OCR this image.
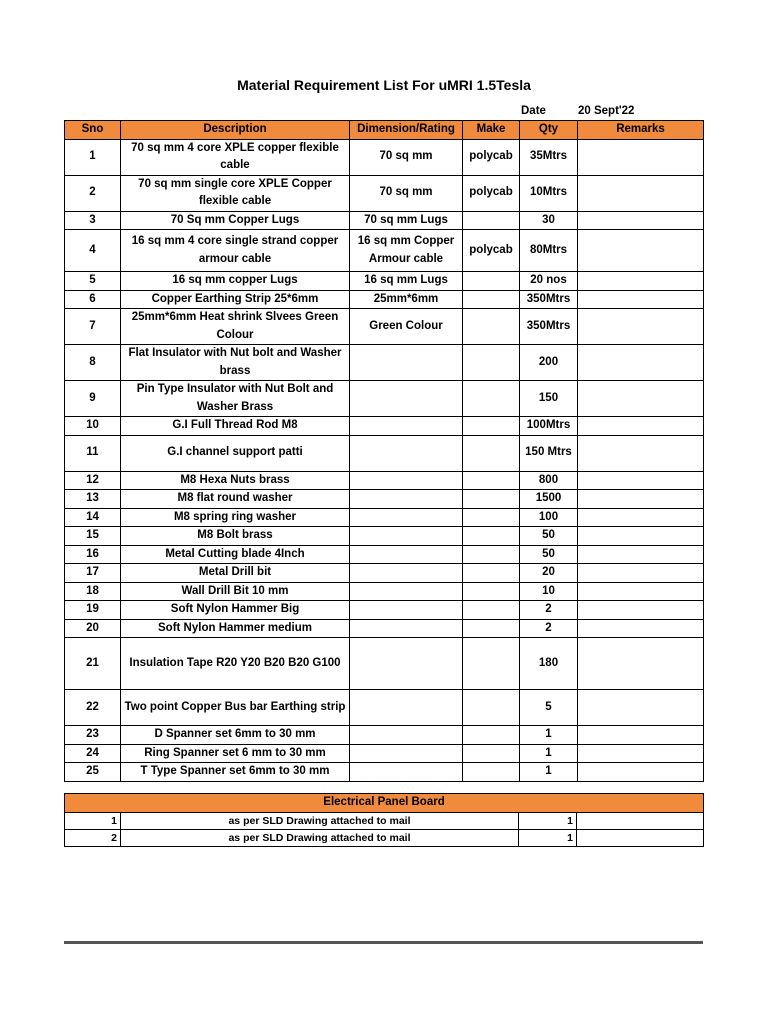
Material Requirement List For uMRI 1.5Tesla
Date	20 Sept'22
Sno	Description	Dimension/Rating	Make	Qty	Remarks
1	70 sq mm 4 core XPLE copper flexible cable	70 sq mm	polycab	35Mtrs	
2	70 sq mm single core XPLE Copper flexible cable	70 sq mm	polycab	10Mtrs	
3	70 Sq mm Copper Lugs	70 sq mm Lugs		30	
4	16 sq mm 4 core single strand copper armour cable	16 sq mm Copper Armour cable	polycab	80Mtrs	
5	16 sq mm copper Lugs	16 sq mm Lugs		20 nos	
6	Copper Earthing Strip 25*6mm	25mm*6mm		350Mtrs	
7	25mm*6mm Heat shrink Slvees Green Colour	Green Colour		350Mtrs	
8	Flat Insulator with Nut bolt and Washer brass			200	
9	Pin Type Insulator with Nut Bolt and Washer Brass			150	
10	G.I Full Thread Rod M8			100Mtrs	
11	G.I channel support patti			150 Mtrs	
12	M8 Hexa Nuts brass			800	
13	M8 flat round washer			1500	
14	M8 spring ring washer			100	
15	M8 Bolt brass			50	
16	Metal Cutting blade 4Inch			50	
17	Metal Drill bit			20	
18	Wall Drill Bit 10 mm			10	
19	Soft Nylon Hammer Big			2	
20	Soft Nylon Hammer medium			2	
21	Insulation Tape R20 Y20 B20 B20 G100			180	
22	Two point Copper Bus bar Earthing strip			5	
23	D Spanner set 6mm to 30 mm			1	
24	Ring Spanner set 6 mm to 30 mm			1	
25	T Type Spanner set 6mm to 30 mm			1	
Electrical Panel Board			
1	as per SLD Drawing attached to mail	1	
2	as per SLD Drawing attached to mail	1	
